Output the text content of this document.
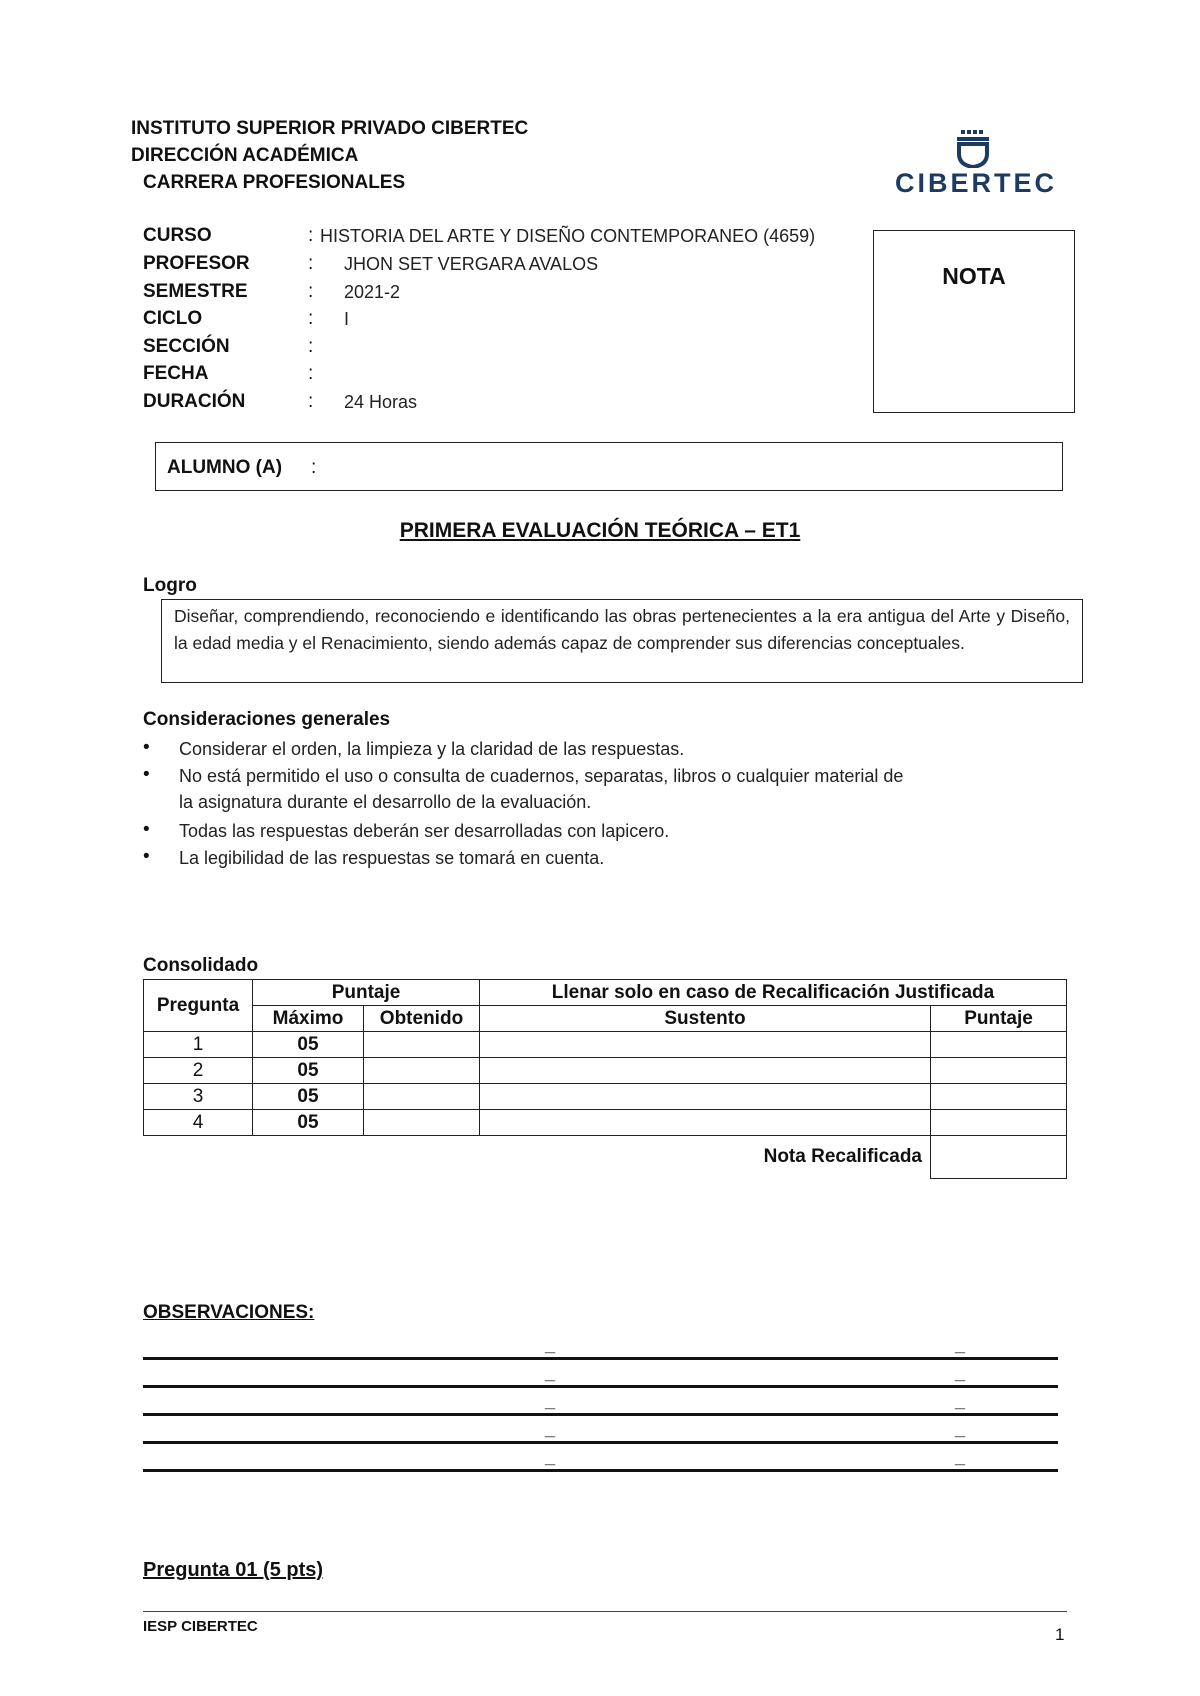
INSTITUTO SUPERIOR PRIVADO CIBERTEC
DIRECCIÓN ACADÉMICA
CARRERA PROFESIONALES	CIBERTEC
CURSO	: HISTORIA DEL ARTE Y DISEÑO CONTEMPORANEO (4659)
PROFESOR	: JHON SET VERGARA AVALOS
SEMESTRE	: 2021-2
CICLO	: I
SECCIÓN	:
FECHA	:
DURACIÓN	: 24 Horas
NOTA
ALUMNO (A) :
PRIMERA EVALUACIÓN TEÓRICA – ET1
Logro
Diseñar, comprendiendo, reconociendo e identificando las obras pertenecientes a la era antigua del Arte y Diseño, la edad media y el Renacimiento, siendo además capaz de comprender sus diferencias conceptuales.
Consideraciones generales
• Considerar el orden, la limpieza y la claridad de las respuestas.
• No está permitido el uso o consulta de cuadernos, separatas, libros o cualquier material de
la asignatura durante el desarrollo de la evaluación.
• Todas las respuestas deberán ser desarrolladas con lapicero.
• La legibilidad de las respuestas se tomará en cuenta.
Consolidado
Pregunta	Puntaje		Llenar solo en caso de Recalificación Justificada	
	Máximo	Obtenido	Sustento	Puntaje
1	05			
2	05			
3	05			
4	05			
Nota Recalificada				
OBSERVACIONES:
_	_
_	_
_	_
_	_
_	_
Pregunta 01 (5 pts)
IESP CIBERTEC	1
